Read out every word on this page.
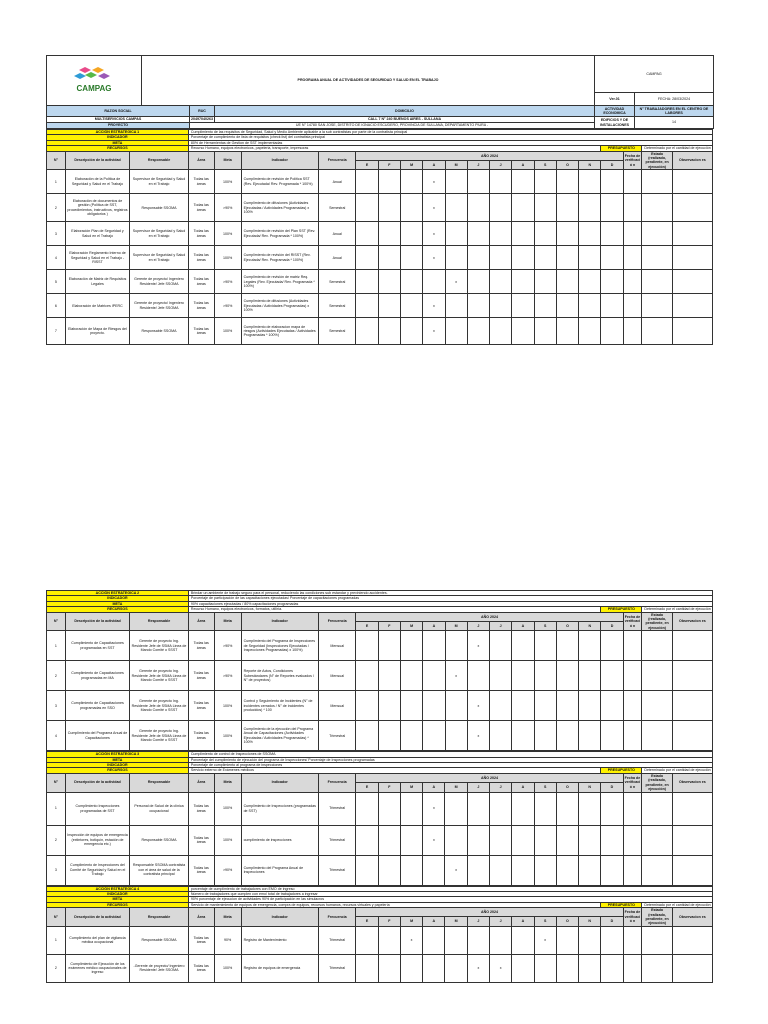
CAMPAG	PROGRAMA ANUAL DE ACTIVIDADES DE SEGURIDAD Y SALUD EN EL TRABAJO			CAMPAG	
				Ver.01	FECHA: 28/03/2024
RAZON SOCIAL		RUC	DOMICILIO	ACTIVIDAD ECONOMICA	N° TRABAJADORES EN EL CENTRO DE LABORES
MULTISERVICIOS CAMPAS		20497040263	CALL 7 N° 240 BUENOS AIRES - SULLANA	EDIFICIOS Y DE INSTALACIONES	14
PROYECTO		UE N° 14780 SAN JOSE, DISTRITO DE IGNACIO ESCUDERO, PROVINCIA DE SULLANA, DEPARTAMENTO PIURA -			
ACCIÓN ESTRATEGICA 1			Cumplimiento de las requisitos de Seguridad, Salud y Medio Ambiente aplicable a la sub contratistas por parte de la contratista principal																		
INDICADOR			Porcentaje de cumplimiento de lista de requisitos (check list) del contratista principal																		
META			80% de Herramientas de Gestion de SST implementadas																		
RECURSOS			Recurso Humano, equipos electronicos, papeleria, transporte, impresoras															PRESUPUESTO		Determinado por el cantidad de ejecución	
N°	Descripción de la actividad	Responsable	Área	Meta	Indicador	Frecuencia	AÑO 2024												Fecha de verificació n	Estado (realizado, pendiente, en ejecución)	Observacion es
							E	F	M	A	M	J	J	A	S	O	N	D			
1	Elaboración de la Política de Seguridad y Salud en el Trabajo	Supervisor de Seguridad y Salud en el Trabajo	Todas las áreas	100%	Cumplimiento de revisión de Política SST (Rev. Ejecutada/ Rev. Programada * 100%)	Anual				x											
2	Elaboración de documentos de gestión (Política de SST, procedimientos, instructivos, registros obligatorios )	Responsable SSOMA	Todas las áreas	>90%	Cumplimiento de difusiones (Actividades Ejecutadas / Actividades Programadas) x 100%	Semestral				x											
3	Elaboración Plan de Seguridad y Salud en el Trabajo	Supervisor de Seguridad y Salud en el Trabajo	Todas las áreas	100%	Cumplimiento de revisión del Plan SST (Rev. Ejecutada/ Rev. Programada * 100%)	Anual				x											
4	Elaboración Reglamento Interno de Seguridad y Salud en el Trabajo - RISST	Supervisor de Seguridad y Salud en el Trabajo	Todas las áreas	100%	Cumplimiento de revisión del RISST (Rev. Ejecutada/ Rev. Programada * 100%)	Anual				x											
5	Elaboración de Matriz de Requisitos Legales	Gerente de proyecto/ Ingeniero Residente/ Jefe SSOMA	Todas las áreas	>90%	Cumplimiento de revisión de matriz Req. Legales (Rev. Ejecutada/ Rev. Programada * 100%)	Semestral					x										
6	Elaboración de Matrices IPERC	Gerente de proyecto/ Ingeniero Residente/ Jefe SSOMA	Todas las áreas	>90%	Cumplimiento de difusiones (Actividades Ejecutadas / Actividades Programadas) x 100%	Semestral				x											
7	Elaboración de Mapa de Riesgos del proyecto.	Responsable SSOMA	Todas las áreas	100%	Cumplimiento de elaboracion mapa de riesgos (Actividades Ejecutadas / Actividades Programadas * 100%)	Semestral				x											
ACCIÓN ESTRATEGICA 2			Brindar un ambiente de trabajo seguro para el personal, reduciendo las condiciones sub estandar y previniendo accidentes.																		
INDICADOR			Porcentaje de participación de las capacitaciones ejecutadas/ Porcentaje de capacitaciones programadas																		
META			90% capacitaciones ejecutadas / 80% capacitaciones programadas																		
RECURSOS			Recurso Humano, equipos electronicos, formatos, utiliría.															PRESUPUESTO		Determinado por el cantidad de ejecución	
N°	Descripción de la actividad	Responsable	Área	Meta	Indicador	Frecuencia	AÑO 2024												Fecha de verificació n	Estado (realizado, pendiente, en ejecución)	Observacion es
							E	F	M	A	M	J	J	A	S	O	N	D			
1	Cumplimiento de Capacitaciones programadas en SST	Gerente de proyecto Ing. Residente Jefe de SSMA Linea de Mando Comité o SSST	Todas las áreas	>90%	Cumplimiento del Programa de Inspecciones de Seguridad (Inspecciones Ejecutadas / Inspecciones Programadas) x 100%)	Mensual						x									
2	Cumplimiento de Capacitaciones programadas en MA	Gerente de proyecto Ing. Residente Jefe de SSMA Linea de Mando Comité o SSST	Todas las áreas	>90%	Reporte de Actos, Condiciones Subestándares (N° de Reportes evaluados / N° de proyectos)	Mensual					x										
3	Cumplimiento de Capacitaciones programadas en SSO	Gerente de proyecto Ing. Residente Jefe de SSMA Linea de Mando Comité o SSST	Todas las áreas	100%	Control y Seguimiento de Incidentes (N° de incidentes cerrados / N° de incidentes producidos) * 100	Mensual						x									
4	Cumplimiento del Programa Anual de Capacitaciones	Gerente de proyecto Ing. Residente Jefe de SSMA Linea de Mando Comité o SSST	Todas las áreas	100%	Cumplimiento de la ejecución del Programa Anual de Capacitaciones (Actividades Ejecutadas / Actividades Programadas) * 100%	Trimestral						x									
ACCIÓN ESTRATEGICA 3			Cumplimiento de control de Inspecciones de SSOMA																		
META			Porcentaje del cumplimiento de ejecución del programa de Inspecciones/ Porcentaje de Inspecciones programadas																		
INDICADOR			Porcentaje de cumplimiento al programa de inspecciones																		
RECURSOS			Servicio externo de Exámenes médicos															PRESUPUESTO		Determinado por el cantidad de ejecución	
N°	Descripción de la actividad	Responsable	Área	Meta	Indicador	Frecuencia	AÑO 2024												Fecha de verificació n	Estado (realizado, pendiente, en ejecución)	Observacion es
							E	F	M	A	M	J	J	A	S	O	N	D			
1	Cumplimiento Inspecciones programadas de SST	Personal de Salud de la clínica ocupacional	Todas las áreas	100%	Cumplimiento de Inspecciones (programadas de SST)	Trimestral				x											
2	Inspección de equipos de emergencia (extintores, botiquín, estación de emergencia etc.)	Responsable SSOMA	Todas las áreas	100%	cumplimiento de inspecciones	Trimestral				x											
3	Cumplimiento de Inspecciones del Comité de Seguridad y Salud en el Trabajo	Responsable SSOMA contratista con el área de salud de la contratista principal	Todas las áreas	>90%	Cumplimiento del Programa Anual de Inspecciones	Trimestral					x										
ACCIÓN ESTRATEGICA 4			porcentaje de cumplimiento de trabajadores con EMO de ingreso																		
INDICADOR			Número de trabajadores que cumplen con emo/ total de trabajadores a ingresar																		
META			90% porcentaje de ejecucion de actividades 90% de participación en las simulacros																		
RECURSOS			Servicio de mantenimiento de equipos de emergencia, compra de equipos, recursos humanos, recursos virtuales y papelería															PRESUPUESTO		Determinado por el cantidad de ejecución	
N°	Descripción de la actividad	Responsable	Área	Meta	Indicador	Frecuencia	AÑO 2024												Fecha de verificació n	Estado (realizado, pendiente, en ejecución)	Observacion es
							E	F	M	A	M	J	J	A	S	O	N	D			
1	Cumplimiento del plan de vigilancia médica ocupacional	Responsable SSOMA	Todas las áreas	90%	Registro de Mantenimiento	Trimestral			x						x						
2	Cumplimiento de Ejecución de los exámenes médico ocupacionales de ingreso	-Gerente de proyecto/ Ingeniero Residente/ Jefe SSOMA	Todas las áreas	100%	Registro de equipos de emergencia	Trimestral						x	x								
